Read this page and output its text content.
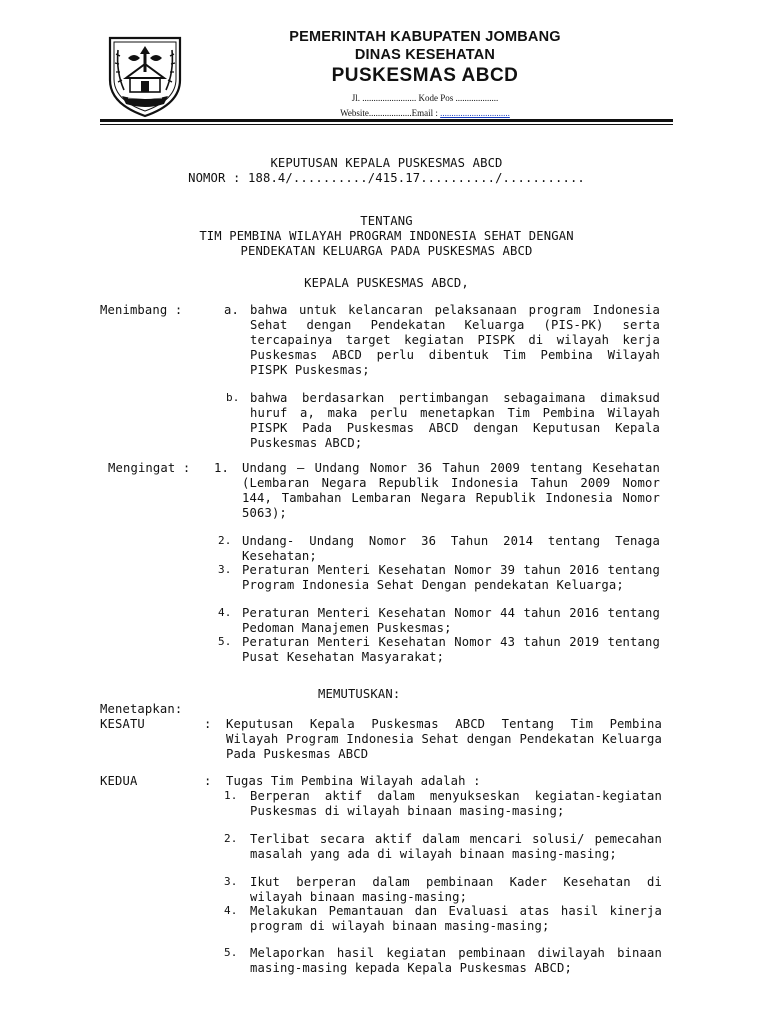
PEMERINTAH KABUPATEN JOMBANG
DINAS KESEHATAN
PUSKESMAS ABCD
Jl. ........................ Kode Pos ...................
Website...................Email : ...............................
KEPUTUSAN KEPALA PUSKESMAS ABCD
NOMOR : 188.4/........../415.17........../...........
TENTANG
TIM PEMBINA WILAYAH PROGRAM INDONESIA SEHAT DENGAN
PENDEKATAN KELUARGA PADA PUSKESMAS ABCD
KEPALA PUSKESMAS ABCD,
Menimbang :	a. bahwa untuk kelancaran pelaksanaan program Indonesia Sehat dengan Pendekatan Keluarga (PIS-PK) serta tercapainya target kegiatan PISPK di wilayah kerja Puskesmas ABCD perlu dibentuk Tim Pembina Wilayah PISPK Puskesmas;
b. bahwa berdasarkan pertimbangan sebagaimana dimaksud huruf a, maka perlu menetapkan Tim Pembina Wilayah PISPK Pada Puskesmas ABCD dengan Keputusan Kepala Puskesmas ABCD;
Mengingat : 1. Undang – Undang Nomor 36 Tahun 2009 tentang Kesehatan (Lembaran Negara Republik Indonesia Tahun 2009 Nomor 144, Tambahan Lembaran Negara Republik Indonesia Nomor 5063);
2. Undang- Undang Nomor 36 Tahun 2014 tentang Tenaga Kesehatan;
3. Peraturan Menteri Kesehatan Nomor 39 tahun 2016 tentang Program Indonesia Sehat Dengan pendekatan Keluarga;
4. Peraturan Menteri Kesehatan Nomor 44 tahun 2016 tentang Pedoman Manajemen Puskesmas;
5. Peraturan Menteri Kesehatan Nomor 43 tahun 2019 tentang Pusat Kesehatan Masyarakat;
MEMUTUSKAN:
Menetapkan:
KESATU	: Keputusan Kepala Puskesmas ABCD Tentang Tim Pembina Wilayah Program Indonesia Sehat dengan Pendekatan Keluarga Pada Puskesmas ABCD
KEDUA	: Tugas Tim Pembina Wilayah adalah :
1. Berperan aktif dalam menyukseskan kegiatan-kegiatan Puskesmas di wilayah binaan masing-masing;
2. Terlibat secara aktif dalam mencari solusi/ pemecahan masalah yang ada di wilayah binaan masing-masing;
3. Ikut berperan dalam pembinaan Kader Kesehatan di wilayah binaan masing-masing;
4. Melakukan Pemantauan dan Evaluasi atas hasil kinerja program di wilayah binaan masing-masing;
5. Melaporkan hasil kegiatan pembinaan diwilayah binaan masing-masing kepada Kepala Puskesmas ABCD;
